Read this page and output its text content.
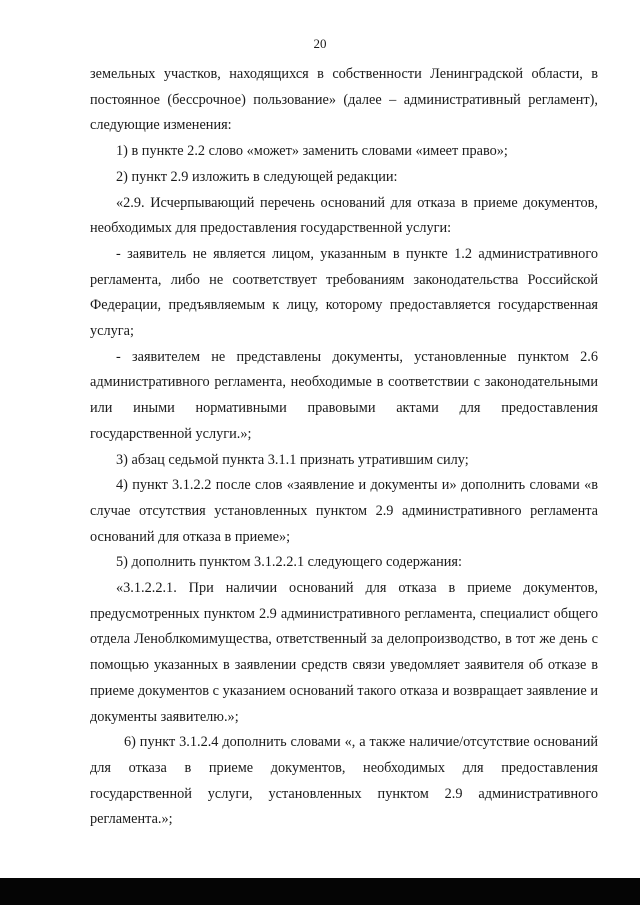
20

земельных участков, находящихся в собственности Ленинградской области, в постоянное (бессрочное) пользование» (далее – административный регламент), следующие изменения:

1) в пункте 2.2 слово «может» заменить словами «имеет право»;

2) пункт 2.9 изложить в следующей редакции:

«2.9. Исчерпывающий перечень оснований для отказа в приеме документов, необходимых для предоставления государственной услуги:

- заявитель не является лицом, указанным в пункте 1.2 административного регламента, либо не соответствует требованиям законодательства Российской Федерации, предъявляемым к лицу, которому предоставляется государственная услуга;

- заявителем не представлены документы, установленные пунктом 2.6 административного регламента, необходимые в соответствии с законодательными или иными нормативными правовыми актами для предоставления государственной услуги.»;

3) абзац седьмой пункта 3.1.1 признать утратившим силу;

4) пункт 3.1.2.2 после слов «заявление и документы и» дополнить словами «в случае отсутствия установленных пунктом 2.9 административного регламента оснований для отказа в приеме»;

5) дополнить пунктом 3.1.2.2.1 следующего содержания:

«3.1.2.2.1. При наличии оснований для отказа в приеме документов, предусмотренных пунктом 2.9 административного регламента, специалист общего отдела Леноблкомимущества, ответственный за делопроизводство, в тот же день с помощью указанных в заявлении средств связи уведомляет заявителя об отказе в приеме документов с указанием оснований такого отказа и возвращает заявление и документы заявителю.»;

6) пункт 3.1.2.4 дополнить словами «, а также наличие/отсутствие оснований для отказа в приеме документов, необходимых для предоставления государственной услуги, установленных пунктом 2.9 административного регламента.»;
